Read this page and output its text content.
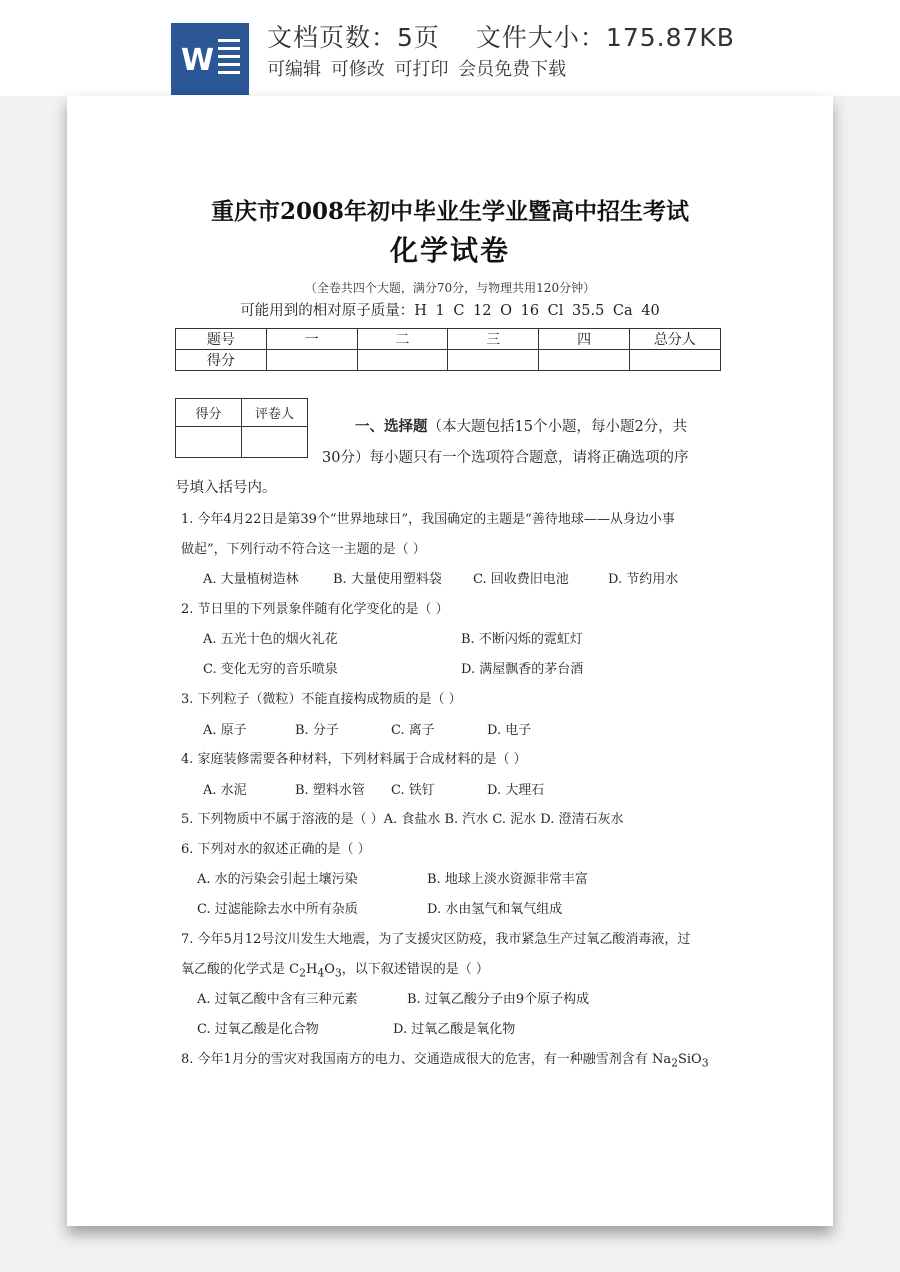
W
文档页数：5页 文件大小：175.87KB
可编辑 可修改 可打印 会员免费下载
重庆市2008年初中毕业生学业暨高中招生考试
化学试卷
（全卷共四个大题，满分70分，与物理共用120分钟）
可能用到的相对原子质量：H 1 C 12 O 16 Cl 35.5 Ca 40
题号	一	二	三	四	总分人
得分					
得分	评卷人

一、选择题（本大题包括15个小题，每小题2分，共
30分）每小题只有一个选项符合题意，请将正确选项的序
号填入括号内。
1. 今年4月22日是第39个“世界地球日”，我国确定的主题是“善待地球——从身边小事
做起”，下列行动不符合这一主题的是（ ）
A. 大量植树造林	B. 大量使用塑料袋 C. 回收费旧电池	D. 节约用水
2. 节日里的下列景象伴随有化学变化的是（ ）
A. 五光十色的烟火礼花	B. 不断闪烁的霓虹灯
C. 变化无穷的音乐喷泉	D. 满屋飘香的茅台酒
3. 下列粒子（微粒）不能直接构成物质的是（ ）
A. 原子	B. 分子	C. 离子	D. 电子
4. 家庭装修需要各种材料，下列材料属于合成材料的是（ ）
A. 水泥	B. 塑料水管 C. 铁钉	D. 大理石
5. 下列物质中不属于溶液的是（ ）A. 食盐水 B. 汽水 C. 泥水 D. 澄清石灰水
6. 下列对水的叙述正确的是（ ）
A. 水的污染会引起土壤污染	B. 地球上淡水资源非常丰富
C. 过滤能除去水中所有杂质	D. 水由氢气和氧气组成
7. 今年5月12号汶川发生大地震，为了支援灾区防疫，我市紧急生产过氧乙酸消毒液，过
氧乙酸的化学式是 $C_2H_4O_3$，以下叙述错误的是（ ）
A. 过氧乙酸中含有三种元素	B. 过氧乙酸分子由9个原子构成
C. 过氧乙酸是化合物	D. 过氧乙酸是氧化物
8. 今年1月分的雪灾对我国南方的电力、交通造成很大的危害，有一种融雪剂含有 $Na_2SiO_3$
